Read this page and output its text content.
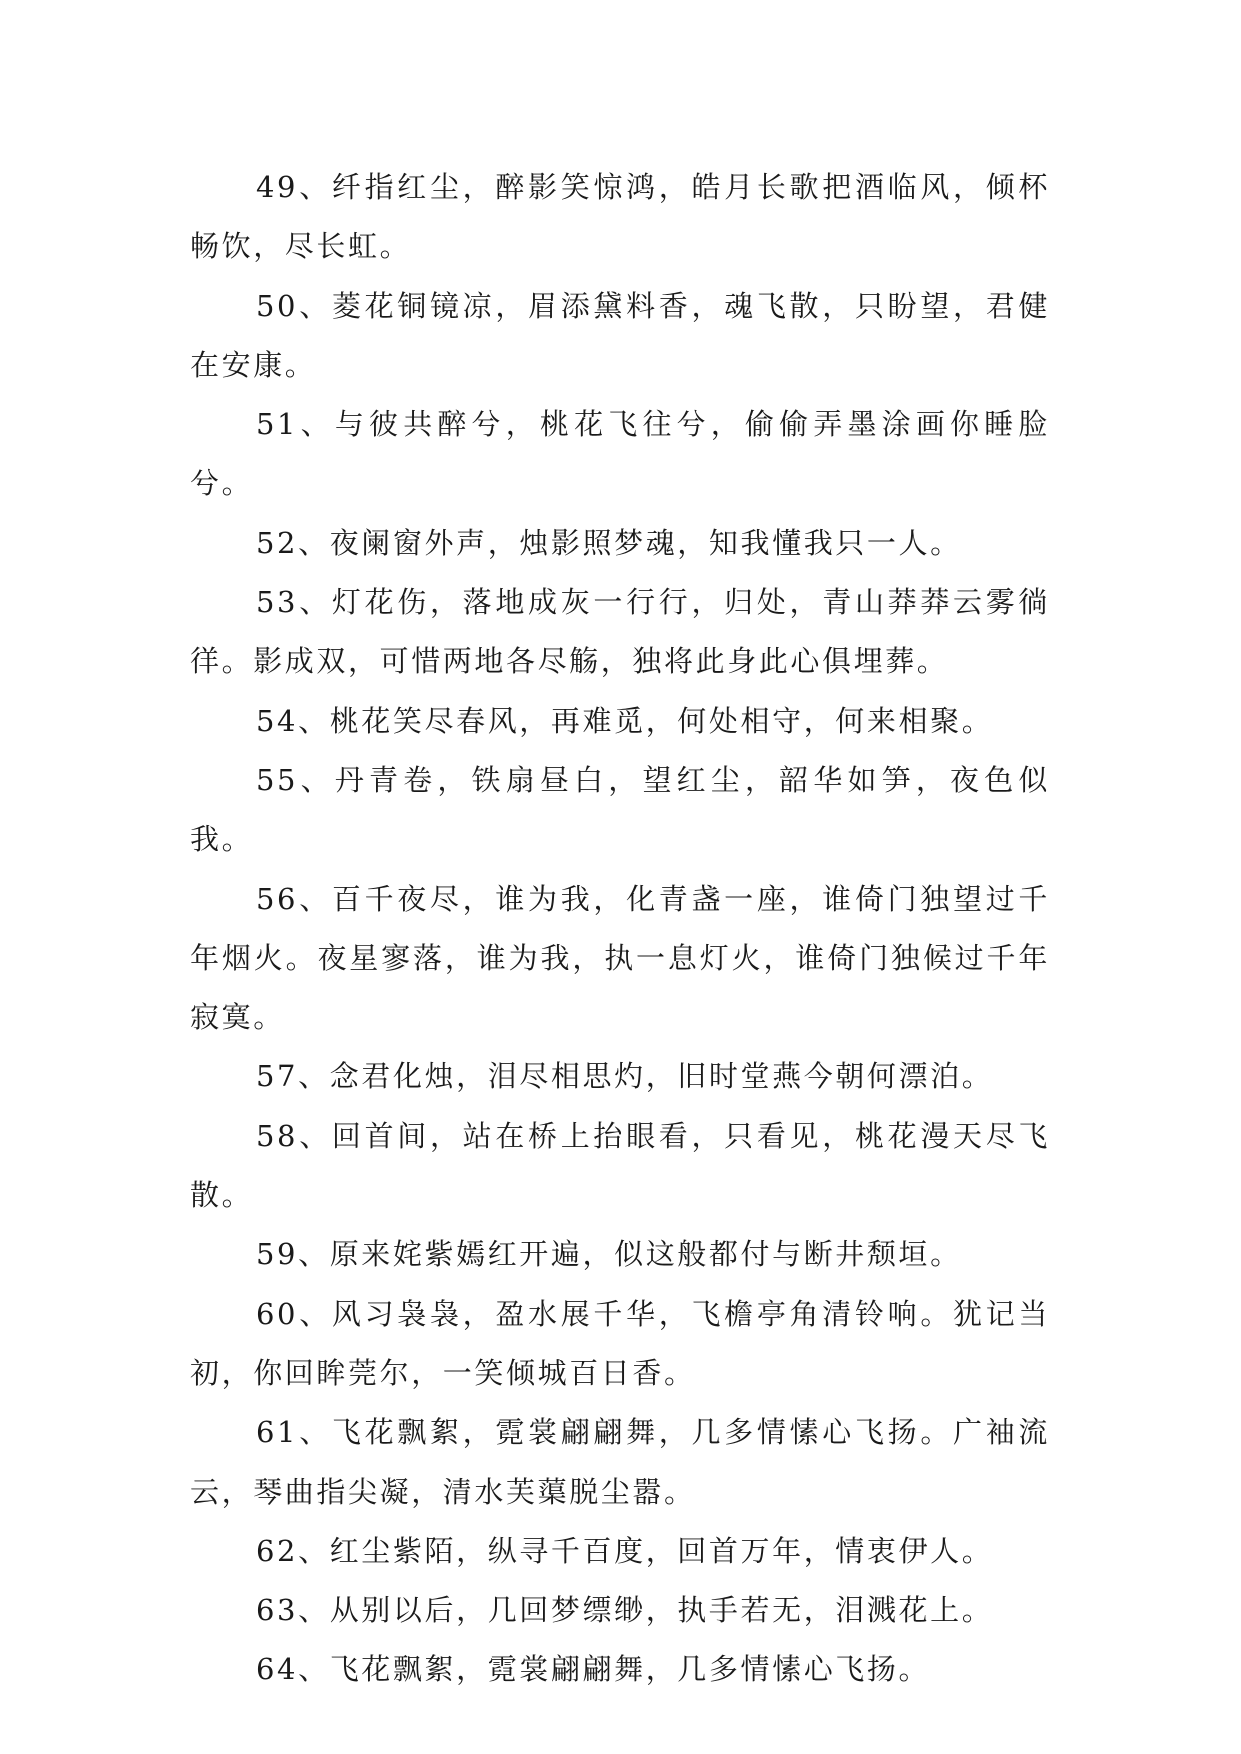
49、纤指红尘，醉影笑惊鸿，皓月长歌把酒临风，倾杯畅饮，尽长虹。

50、菱花铜镜凉，眉添黛料香，魂飞散，只盼望，君健在安康。

51、与彼共醉兮，桃花飞往兮，偷偷弄墨涂画你睡脸兮。

52、夜阑窗外声，烛影照梦魂，知我懂我只一人。

53、灯花伤，落地成灰一行行，归处，青山莽莽云雾徜徉。影成双，可惜两地各尽觞，独将此身此心俱埋葬。

54、桃花笑尽春风，再难觅，何处相守，何来相聚。

55、丹青卷，铁扇昼白，望红尘，韶华如笋，夜色似我。

56、百千夜尽，谁为我，化青盏一座，谁倚门独望过千年烟火。夜星寥落，谁为我，执一息灯火，谁倚门独候过千年寂寞。

57、念君化烛，泪尽相思灼，旧时堂燕今朝何漂泊。

58、回首间，站在桥上抬眼看，只看见，桃花漫天尽飞散。

59、原来姹紫嫣红开遍，似这般都付与断井颓垣。

60、风习袅袅，盈水展千华，飞檐亭角清铃响。犹记当初，你回眸莞尔，一笑倾城百日香。

61、飞花飘絮，霓裳翩翩舞，几多情愫心飞扬。广袖流云，琴曲指尖凝，清水芙蕖脱尘嚣。

62、红尘紫陌，纵寻千百度，回首万年，情衷伊人。

63、从别以后，几回梦缥缈，执手若无，泪溅花上。

64、飞花飘絮，霓裳翩翩舞，几多情愫心飞扬。
